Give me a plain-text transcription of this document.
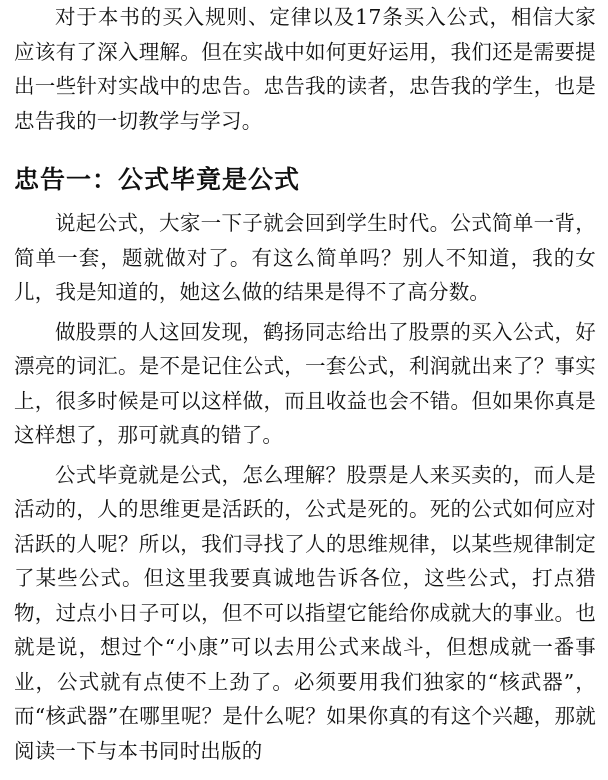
对于本书的买入规则、定律以及17条买入公式，相信大家应该有了深入理解。但在实战中如何更好运用，我们还是需要提出一些针对实战中的忠告。忠告我的读者，忠告我的学生，也是忠告我的一切教学与学习。

忠告一：公式毕竟是公式

说起公式，大家一下子就会回到学生时代。公式简单一背，简单一套，题就做对了。有这么简单吗？别人不知道，我的女儿，我是知道的，她这么做的结果是得不了高分数。

做股票的人这回发现，鹤扬同志给出了股票的买入公式，好漂亮的词汇。是不是记住公式，一套公式，利润就出来了？事实上，很多时候是可以这样做，而且收益也会不错。但如果你真是这样想了，那可就真的错了。

公式毕竟就是公式，怎么理解？股票是人来买卖的，而人是活动的，人的思维更是活跃的，公式是死的。死的公式如何应对活跃的人呢？所以，我们寻找了人的思维规律，以某些规律制定了某些公式。但这里我要真诚地告诉各位，这些公式，打点猎物，过点小日子可以，但不可以指望它能给你成就大的事业。也就是说，想过个“小康”可以去用公式来战斗，但想成就一番事业，公式就有点使不上劲了。必须要用我们独家的“核武器”，而“核武器”在哪里呢？是什么呢？如果你真的有这个兴趣，那就阅读一下与本书同时出版的
